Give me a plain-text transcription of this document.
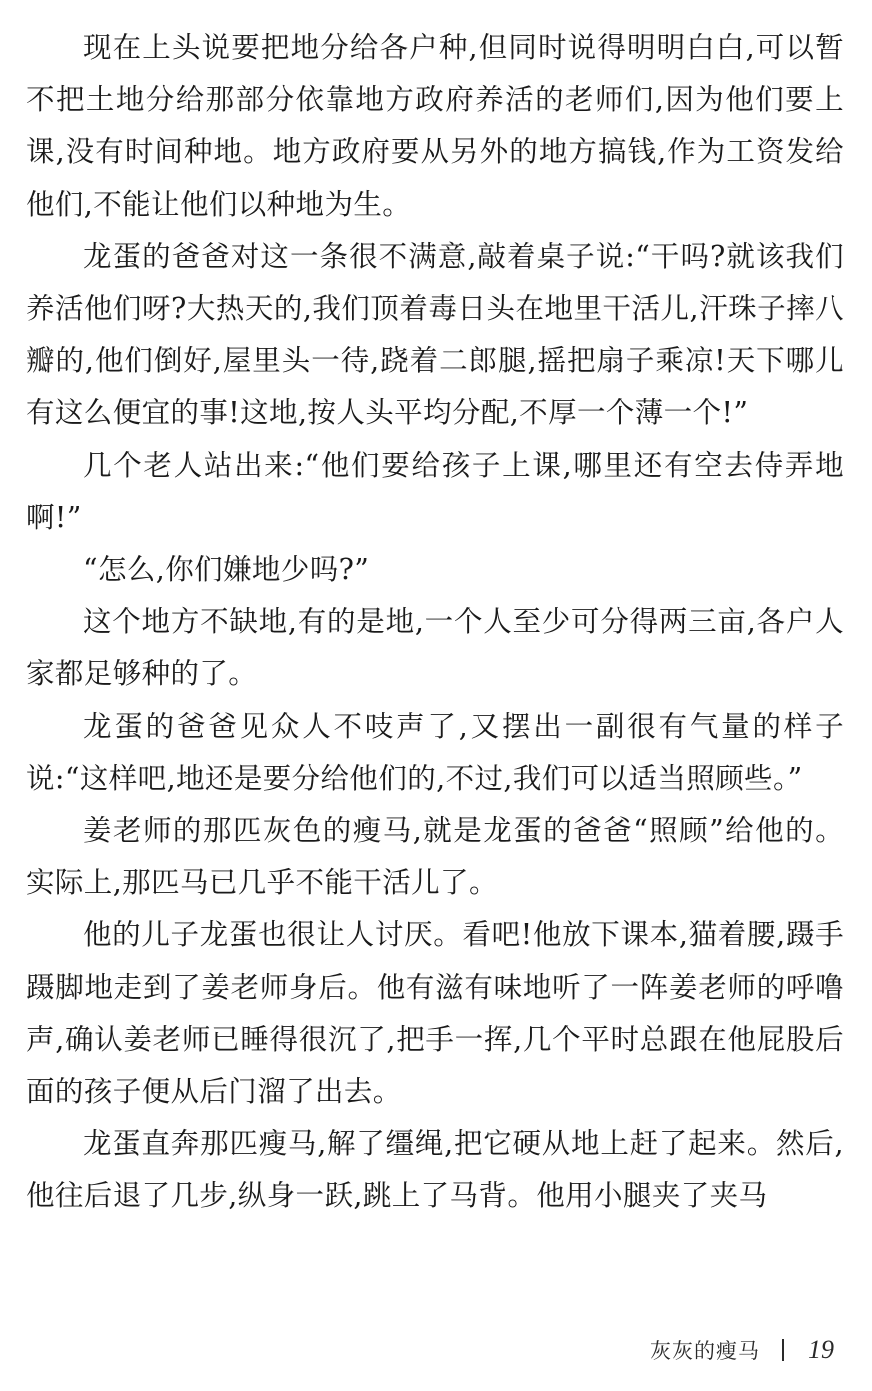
现在上头说要把地分给各户种,但同时说得明明白白,可以暂不把土地分给那部分依靠地方政府养活的老师们,因为他们要上课,没有时间种地。地方政府要从另外的地方搞钱,作为工资发给他们,不能让他们以种地为生。

龙蛋的爸爸对这一条很不满意,敲着桌子说:“干吗?就该我们养活他们呀?大热天的,我们顶着毒日头在地里干活儿,汗珠子摔八瓣的,他们倒好,屋里头一待,跷着二郎腿,摇把扇子乘凉!天下哪儿有这么便宜的事!这地,按人头平均分配,不厚一个薄一个!”

几个老人站出来:“他们要给孩子上课,哪里还有空去侍弄地啊!”

“怎么,你们嫌地少吗?”

这个地方不缺地,有的是地,一个人至少可分得两三亩,各户人家都足够种的了。

龙蛋的爸爸见众人不吱声了,又摆出一副很有气量的样子说:“这样吧,地还是要分给他们的,不过,我们可以适当照顾些。”

姜老师的那匹灰色的瘦马,就是龙蛋的爸爸“照顾”给他的。实际上,那匹马已几乎不能干活儿了。

他的儿子龙蛋也很让人讨厌。看吧!他放下课本,猫着腰,蹑手蹑脚地走到了姜老师身后。他有滋有味地听了一阵姜老师的呼噜声,确认姜老师已睡得很沉了,把手一挥,几个平时总跟在他屁股后面的孩子便从后门溜了出去。

龙蛋直奔那匹瘦马,解了缰绳,把它硬从地上赶了起来。然后,他往后退了几步,纵身一跃,跳上了马背。他用小腿夹了夹马

灰灰的瘦马 19
